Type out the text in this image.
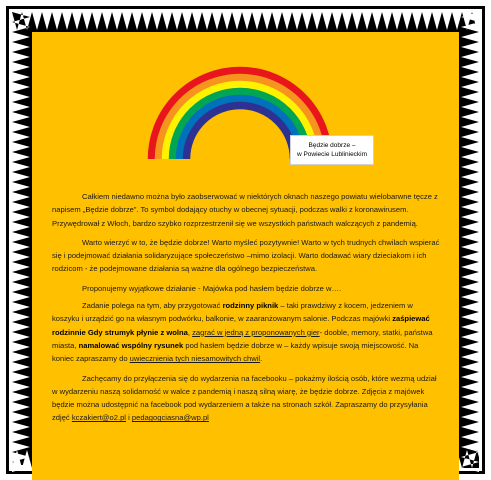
Będzie dobrze –
w Powiecie Lublinieckim

Całkiem niedawno można było zaobserwować w niektórych oknach naszego powiatu wielobarwne tęcze z napisem „Będzie dobrze”. To symbol dodający otuchy w obecnej sytuacji, podczas walki z koronawirusem. Przywędrował z Włoch, bardzo szybko rozprzestrzenił się we wszystkich państwach walczących z pandemią.

Warto wierzyć w to, że będzie dobrze! Warto myśleć pozytywnie! Warto w tych trudnych chwilach wspierać się i podejmować działania solidaryzujące społeczeństwo –mimo izolacji. Warto dodawać wiary dzieciakom i ich rodzicom - że podejmowane działania są ważne dla ogólnego bezpieczeństwa.

Proponujemy wyjątkowe działanie - Majówka pod hasłem będzie dobrze w….

Zadanie polega na tym, aby przygotować rodzinny piknik – taki prawdziwy z kocem, jedzeniem w koszyku i urządzić go na własnym podwórku, balkonie, w zaaranżowanym salonie. Podczas majówki zaśpiewać rodzinnie Gdy strumyk płynie z wolna, zagrać w jedną z proponowanych gier- dooble, memory, statki, państwa miasta, namalować wspólny rysunek pod hasłem będzie dobrze w – każdy wpisuje swoją miejscowość. Na koniec zapraszamy do uwiecznienia tych niesamowitych chwil.

Zachęcamy do przyłączenia się do wydarzenia na facebooku – pokażmy ilością osób, które wezmą udział w wydarzeniu naszą solidarność w walce z pandemią i naszą silną wiarę, że będzie dobrze. Zdjęcia z majówek będzie można udostępnić na facebook pod wydarzeniem a także na stronach szkół. Zapraszamy do przysyłania zdjęć kczakiert@o2.pl i pedagogciasna@wp.pl
